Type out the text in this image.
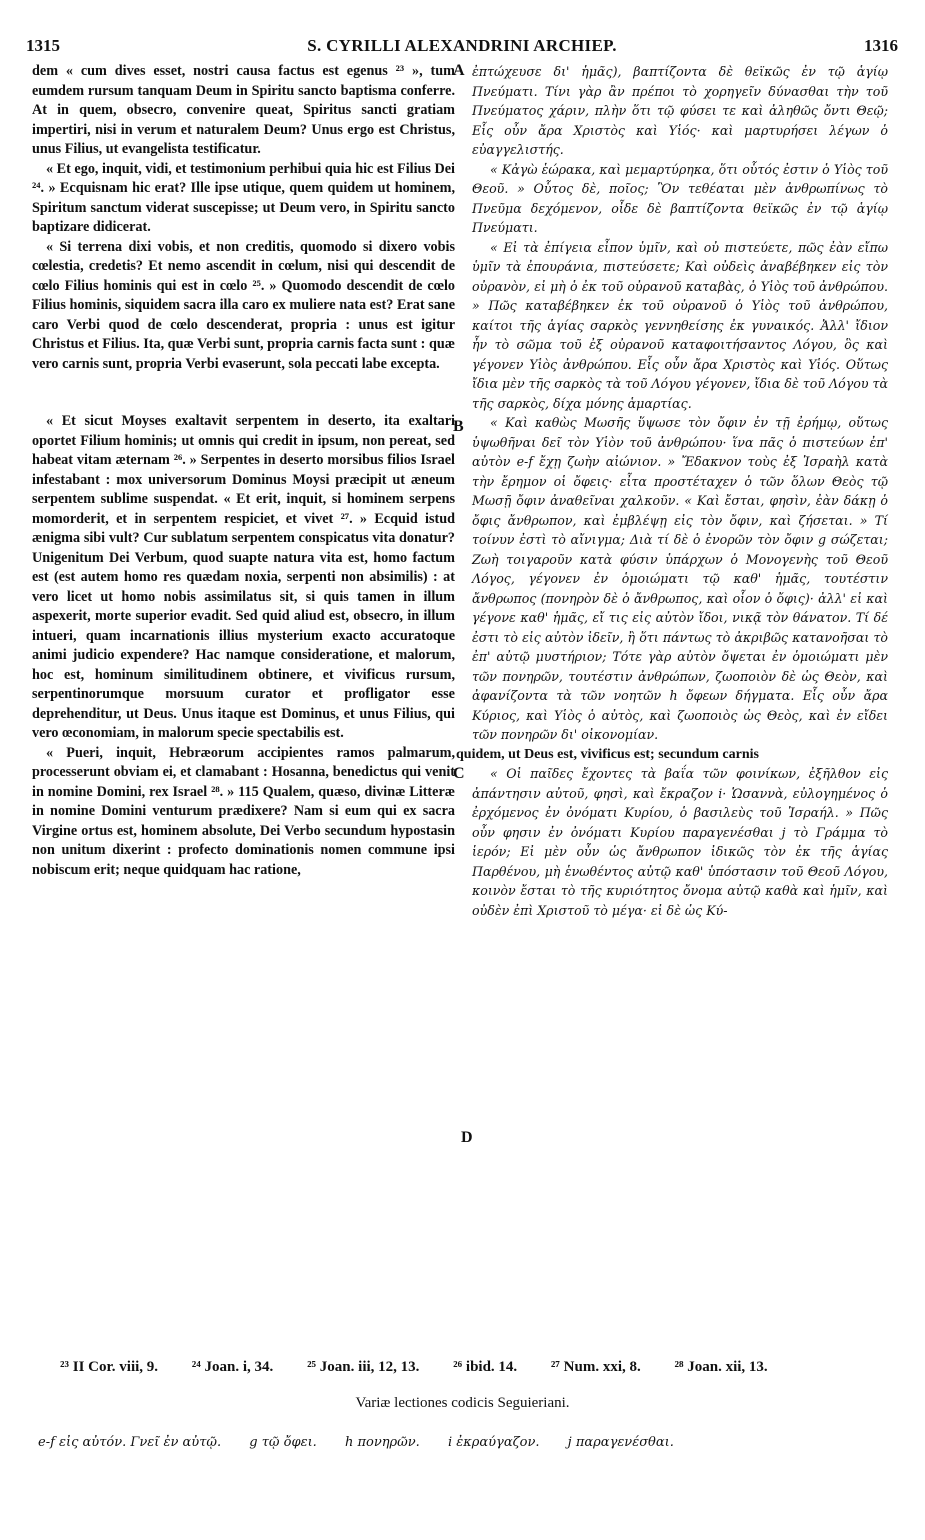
1315	S. CYRILLI ALEXANDRINI ARCHIEP.	1316
A
B
C
D

dem « cum dives esset, nostri causa factus est egenus ²³ », tum eumdem rursum tanquam Deum in Spiritu sancto baptisma conferre. At in quem, obsecro, convenire queat, Spiritus sancti gratiam impertiri, nisi in verum et naturalem Deum? Unus ergo est Christus, unus Filius, ut evangelista testificatur.

« Et ego, inquit, vidi, et testimonium perhibui quia hic est Filius Dei ²⁴. » Ecquisnam hic erat? Ille ipse utique, quem quidem ut hominem, Spiritum sanctum viderat suscepisse; ut Deum vero, in Spiritu sancto baptizare didicerat.

« Si terrena dixi vobis, et non creditis, quomodo si dixero vobis cœlestia, credetis? Et nemo ascendit in cœlum, nisi qui descendit de cœlo Filius hominis qui est in cœlo ²⁵. » Quomodo descendit de cœlo Filius hominis, siquidem sacra illa caro ex muliere nata est? Erat sane caro Verbi quod de cœlo descenderat, propria : unus est igitur Christus et Filius. Ita, quæ Verbi sunt, propria carnis facta sunt : quæ vero carnis sunt, propria Verbi evaserunt, sola peccati labe excepta.

« Et sicut Moyses exaltavit serpentem in deserto, ita exaltari oportet Filium hominis; ut omnis qui credit in ipsum, non pereat, sed habeat vitam æternam ²⁶. » Serpentes in deserto morsibus filios Israel infestabant : mox universorum Dominus Moysi præcipit ut æneum serpentem sublime suspendat. « Et erit, inquit, si hominem serpens momorderit, et in serpentem respiciet, et vivet ²⁷. » Ecquid istud ænigma sibi vult? Cur sublatum serpentem conspicatus vita donatur? Unigenitum Dei Verbum, quod suapte natura vita est, homo factum est (est autem homo res quædam noxia, serpenti non absimilis) : at vero licet ut homo nobis assimilatus sit, si quis tamen in illum aspexerit, morte superior evadit. Sed quid aliud est, obsecro, in illum intueri, quam incarnationis illius mysterium exacto accuratoque animi judicio expendere? Hac namque consideratione, et malorum, hoc est, hominum similitudinem obtinere, et vivificus rursum, serpentinorumque morsuum curator et profligator esse deprehenditur, ut Deus. Unus itaque est Dominus, et unus Filius, qui vero œconomiam, in malorum specie spectabilis est.

« Pueri, inquit, Hebræorum accipientes ramos palmarum, processerunt obviam ei, et clamabant : Hosanna, benedictus qui venit in nomine Domini, rex Israel ²⁸. » 115 Qualem, quæso, divinæ Litteræ in nomine Domini venturum prædixere? Nam si eum qui ex sacra Virgine ortus est, hominem absolute, Dei Verbo secundum hypostasin non unitum dixerint : profecto dominationis nomen commune ipsi nobiscum erit; neque quidquam hac ratione,

ἐπτώχευσε δι' ἡμᾶς), βαπτίζοντα δὲ θεϊκῶς ἐν τῷ ἁγίῳ Πνεύματι. Τίνι γὰρ ἂν πρέποι τὸ χορηγεῖν δύνασθαι τὴν τοῦ Πνεύματος χάριν, πλὴν ὅτι τῷ φύσει τε καὶ ἀληθῶς ὄντι Θεῷ; Εἷς οὖν ἄρα Χριστὸς καὶ Υἱός· καὶ μαρτυρήσει λέγων ὁ εὐαγγελιστής.

« Κἀγὼ ἑώρακα, καὶ μεμαρτύρηκα, ὅτι οὗτός ἐστιν ὁ Υἱὸς τοῦ Θεοῦ. » Οὗτος δὲ, ποῖος; Ὃν τεθέαται μὲν ἀνθρωπίνως τὸ Πνεῦμα δεχόμενον, οἶδε δὲ βαπτίζοντα θεϊκῶς ἐν τῷ ἁγίῳ Πνεύματι.

« Εἰ τὰ ἐπίγεια εἶπον ὑμῖν, καὶ οὐ πιστεύετε, πῶς ἐὰν εἴπω ὑμῖν τὰ ἐπουράνια, πιστεύσετε; Καὶ οὐδεὶς ἀναβέβηκεν εἰς τὸν οὐρανὸν, εἰ μὴ ὁ ἐκ τοῦ οὐρανοῦ καταβὰς, ὁ Υἱὸς τοῦ ἀνθρώπου. » Πῶς καταβέβηκεν ἐκ τοῦ οὐρανοῦ ὁ Υἱὸς τοῦ ἀνθρώπου, καίτοι τῆς ἁγίας σαρκὸς γεννηθείσης ἐκ γυναικός. Ἀλλ' ἴδιον ἦν τὸ σῶμα τοῦ ἐξ οὐρανοῦ καταφοιτήσαντος Λόγου, ὃς καὶ γέγονεν Υἱὸς ἀνθρώπου. Εἷς οὖν ἄρα Χριστὸς καὶ Υἱός. Οὕτως ἴδια μὲν τῆς σαρκὸς τὰ τοῦ Λόγου γέγονεν, ἴδια δὲ τοῦ Λόγου τὰ τῆς σαρκὸς, δίχα μόνης ἁμαρτίας.

« Καὶ καθὼς Μωσῆς ὕψωσε τὸν ὄφιν ἐν τῇ ἐρήμῳ, οὕτως ὑψωθῆναι δεῖ τὸν Υἱὸν τοῦ ἀνθρώπου· ἵνα πᾶς ὁ πιστεύων ἐπ' αὐτὸν e-f ἔχῃ ζωὴν αἰώνιον. » Ἔδακνον τοὺς ἐξ Ἰσραὴλ κατὰ τὴν ἔρημον οἱ ὄφεις· εἶτα προστέταχεν ὁ τῶν ὅλων Θεὸς τῷ Μωσῇ ὄφιν ἀναθεῖναι χαλκοῦν. « Καὶ ἔσται, φησὶν, ἐὰν δάκῃ ὁ ὄφις ἄνθρωπον, καὶ ἐμβλέψῃ εἰς τὸν ὄφιν, καὶ ζήσεται. » Τί τοίνυν ἐστὶ τὸ αἴνιγμα; Διὰ τί δὲ ὁ ἐνορῶν τὸν ὄφιν g σώζεται; Ζωὴ τοιγαροῦν κατὰ φύσιν ὑπάρχων ὁ Μονογενὴς τοῦ Θεοῦ Λόγος, γέγονεν ἐν ὁμοιώματι τῷ καθ' ἡμᾶς, τουτέστιν ἄνθρωπος (πονηρὸν δὲ ὁ ἄνθρωπος, καὶ οἷον ὁ ὄφις)· ἀλλ' εἰ καὶ γέγονε καθ' ἡμᾶς, εἴ τις εἰς αὐτὸν ἴδοι, νικᾷ τὸν θάνατον. Τί δέ ἐστι τὸ εἰς αὐτὸν ἰδεῖν, ἢ ὅτι πάντως τὸ ἀκριβῶς κατανοῆσαι τὸ ἐπ' αὐτῷ μυστήριον; Τότε γὰρ αὐτὸν ὄψεται ἐν ὁμοιώματι μὲν τῶν πονηρῶν, τουτέστιν ἀνθρώπων, ζωοποιὸν δὲ ὡς Θεὸν, καὶ ἀφανίζοντα τὰ τῶν νοητῶν h ὄφεων δήγματα. Εἷς οὖν ἄρα Κύριος, καὶ Υἱὸς ὁ αὐτὸς, καὶ ζωοποιὸς ὡς Θεὸς, καὶ ἐν εἴδει τῶν πονηρῶν δι' οἰκονομίαν.

quidem, ut Deus est, vivificus est; secundum carnis

« Οἱ παῖδες ἔχοντες τὰ βαΐα τῶν φοινίκων, ἐξῆλθον εἰς ἀπάντησιν αὐτοῦ, φησὶ, καὶ ἔκραζον i· Ὡσαννὰ, εὐλογημένος ὁ ἐρχόμενος ἐν ὀνόματι Κυρίου, ὁ βασιλεὺς τοῦ Ἰσραήλ. » Πῶς οὖν φησιν ἐν ὀνόματι Κυρίου παραγενέσθαι j τὸ Γράμμα τὸ ἱερόν; Εἰ μὲν οὖν ὡς ἄνθρωπον ἰδικῶς τὸν ἐκ τῆς ἁγίας Παρθένου, μὴ ἑνωθέντος αὐτῷ καθ' ὑπόστασιν τοῦ Θεοῦ Λόγου, κοινὸν ἔσται τὸ τῆς κυριότητος ὄνομα αὐτῷ καθὰ καὶ ἡμῖν, καὶ οὐδὲν ἐπὶ Χριστοῦ τὸ μέγα· εἰ δὲ ὡς Κύ-

²³ II Cor. viii, 9. ²⁴ Joan. i, 34. ²⁵ Joan. iii, 12, 13. ²⁶ ibid. 14. ²⁷ Num. xxi, 8. ²⁸ Joan. xii, 13.
Variæ lectiones codicis Seguieriani.
e-f εἰς αὐτόν. Γνεῖ ἐν αὐτῷ. g τῷ ὄφει. h πονηρῶν. i ἐκραύγαζον. j παραγενέσθαι.
